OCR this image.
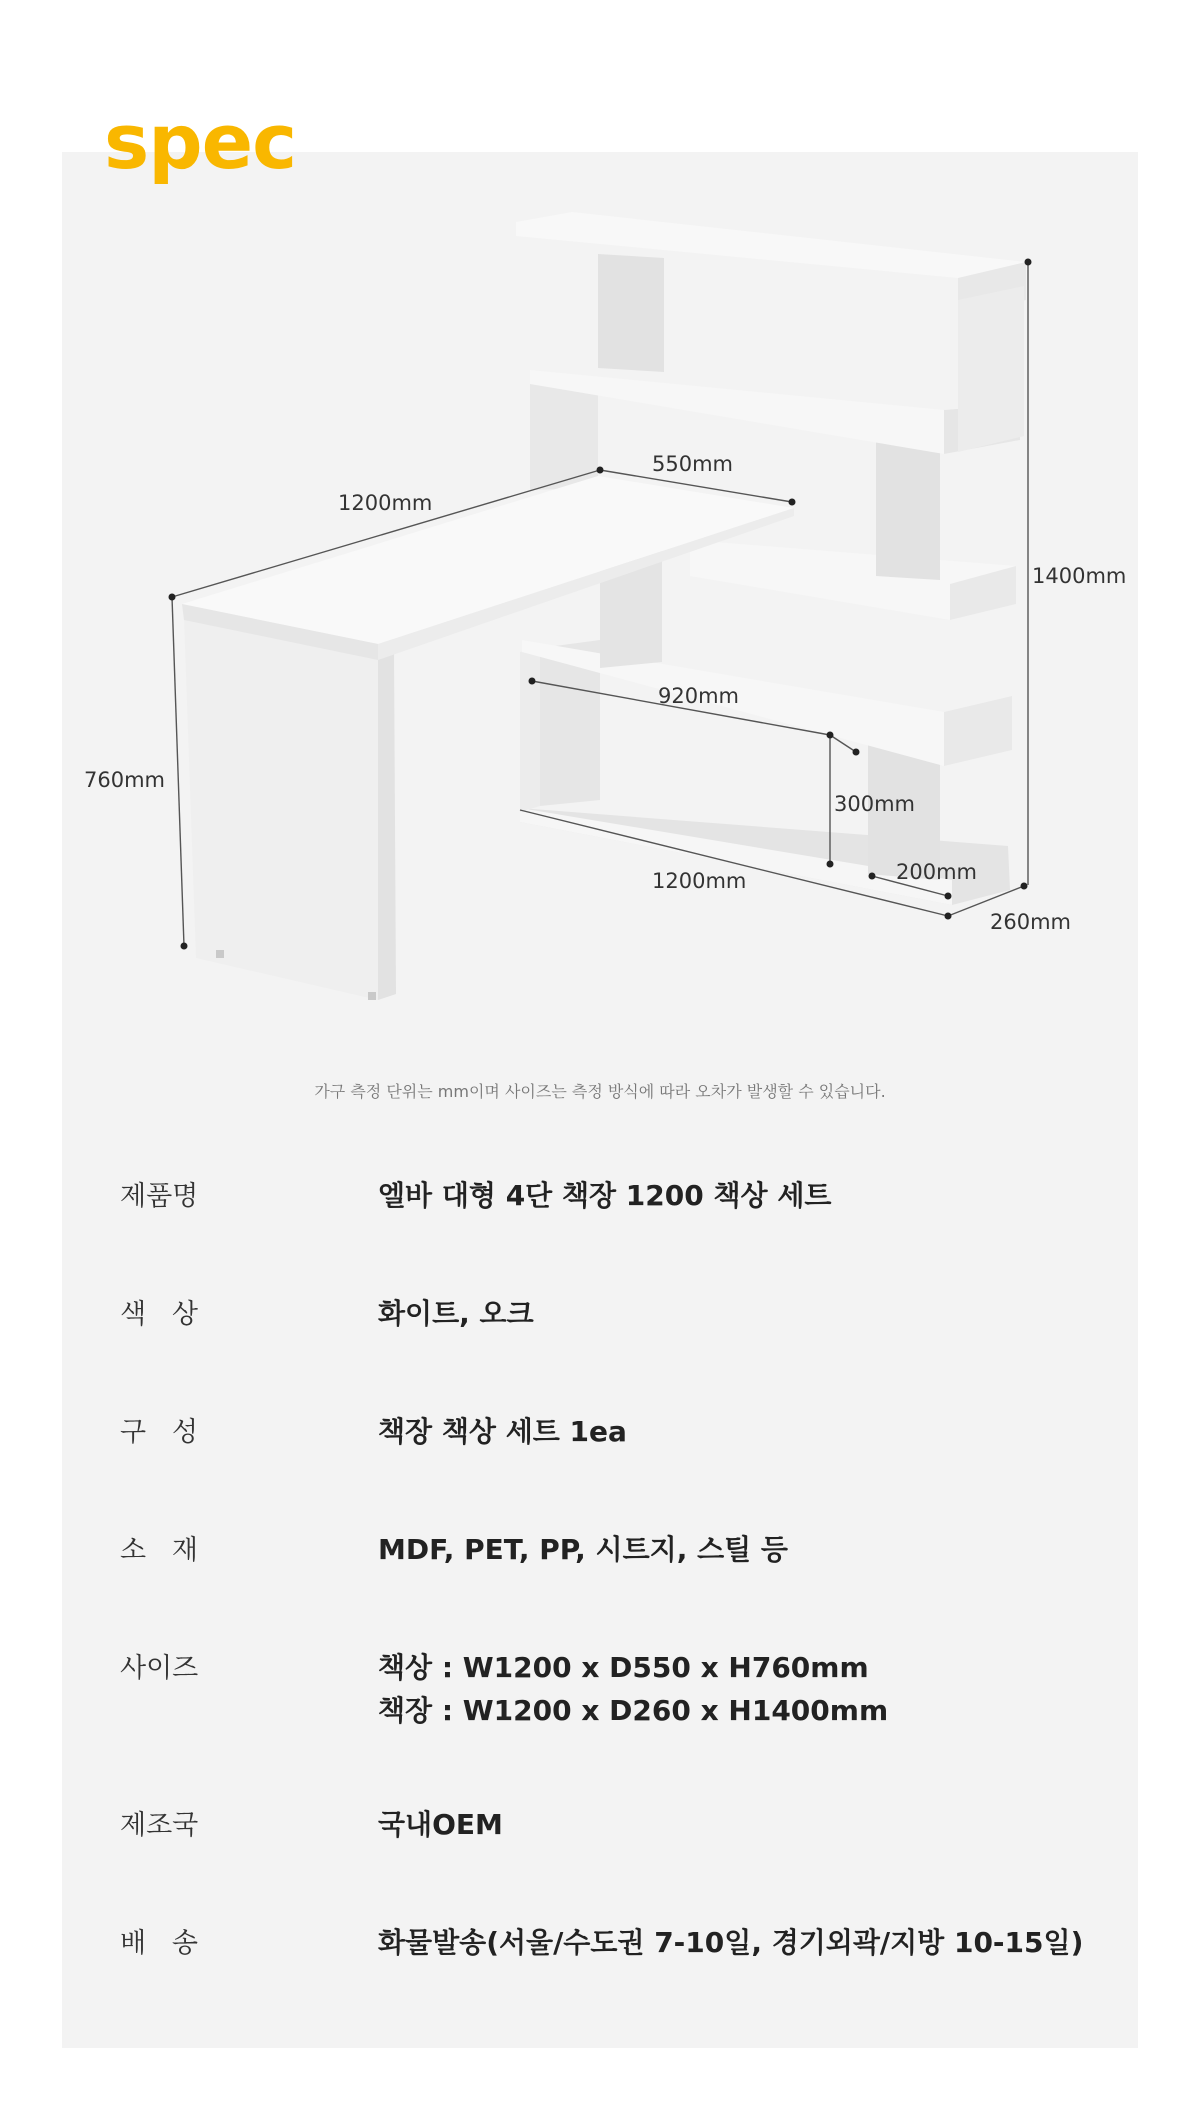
spec
1200mm
550mm
760mm
1400mm
920mm
300mm
1200mm	200mm
260mm

가구 측정 단위는 mm이며 사이즈는 측정 방식에 따라 오차가 발생할 수 있습니다.

제품명	엘바 대형 4단 책장 1200 책상 세트
색   상	화이트, 오크
구   성	책장 책상 세트 1ea
소   재	MDF, PET, PP, 시트지, 스틸 등
사이즈	책상 : W1200 x D550 x H760mm
책장 : W1200 x D260 x H1400mm
제조국	국내OEM
배   송	화물발송(서울/수도권 7-10일, 경기외곽/지방 10-15일)
